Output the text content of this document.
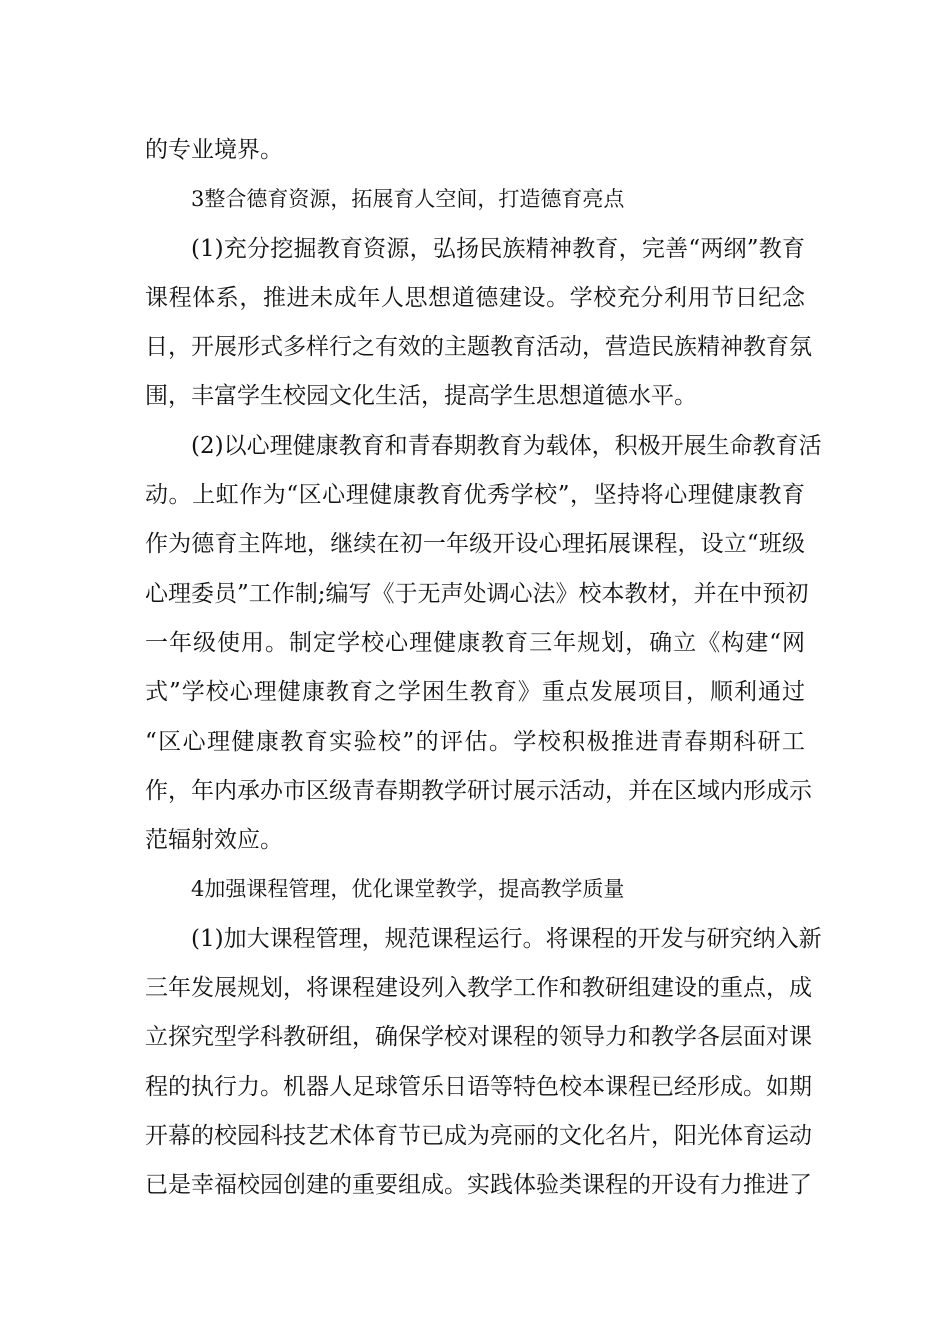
的专业境界。
3整合德育资源，拓展育人空间，打造德育亮点
(1)充分挖掘教育资源，弘扬民族精神教育，完善“两纲”教育
课程体系，推进未成年人思想道德建设。学校充分利用节日纪念
日，开展形式多样行之有效的主题教育活动，营造民族精神教育氛
围，丰富学生校园文化生活，提高学生思想道德水平。
(2)以心理健康教育和青春期教育为载体，积极开展生命教育活
动。上虹作为“区心理健康教育优秀学校”，坚持将心理健康教育
作为德育主阵地，继续在初一年级开设心理拓展课程，设立“班级
心理委员”工作制;编写《于无声处调心法》校本教材，并在中预初
一年级使用。制定学校心理健康教育三年规划，确立《构建“网
式”学校心理健康教育之学困生教育》重点发展项目，顺利通过
“区心理健康教育实验校”的评估。学校积极推进青春期科研工
作，年内承办市区级青春期教学研讨展示活动，并在区域内形成示
范辐射效应。
4加强课程管理，优化课堂教学，提高教学质量
(1)加大课程管理，规范课程运行。将课程的开发与研究纳入新
三年发展规划，将课程建设列入教学工作和教研组建设的重点，成
立探究型学科教研组，确保学校对课程的领导力和教学各层面对课
程的执行力。机器人足球管乐日语等特色校本课程已经形成。如期
开幕的校园科技艺术体育节已成为亮丽的文化名片，阳光体育运动
已是幸福校园创建的重要组成。实践体验类课程的开设有力推进了
